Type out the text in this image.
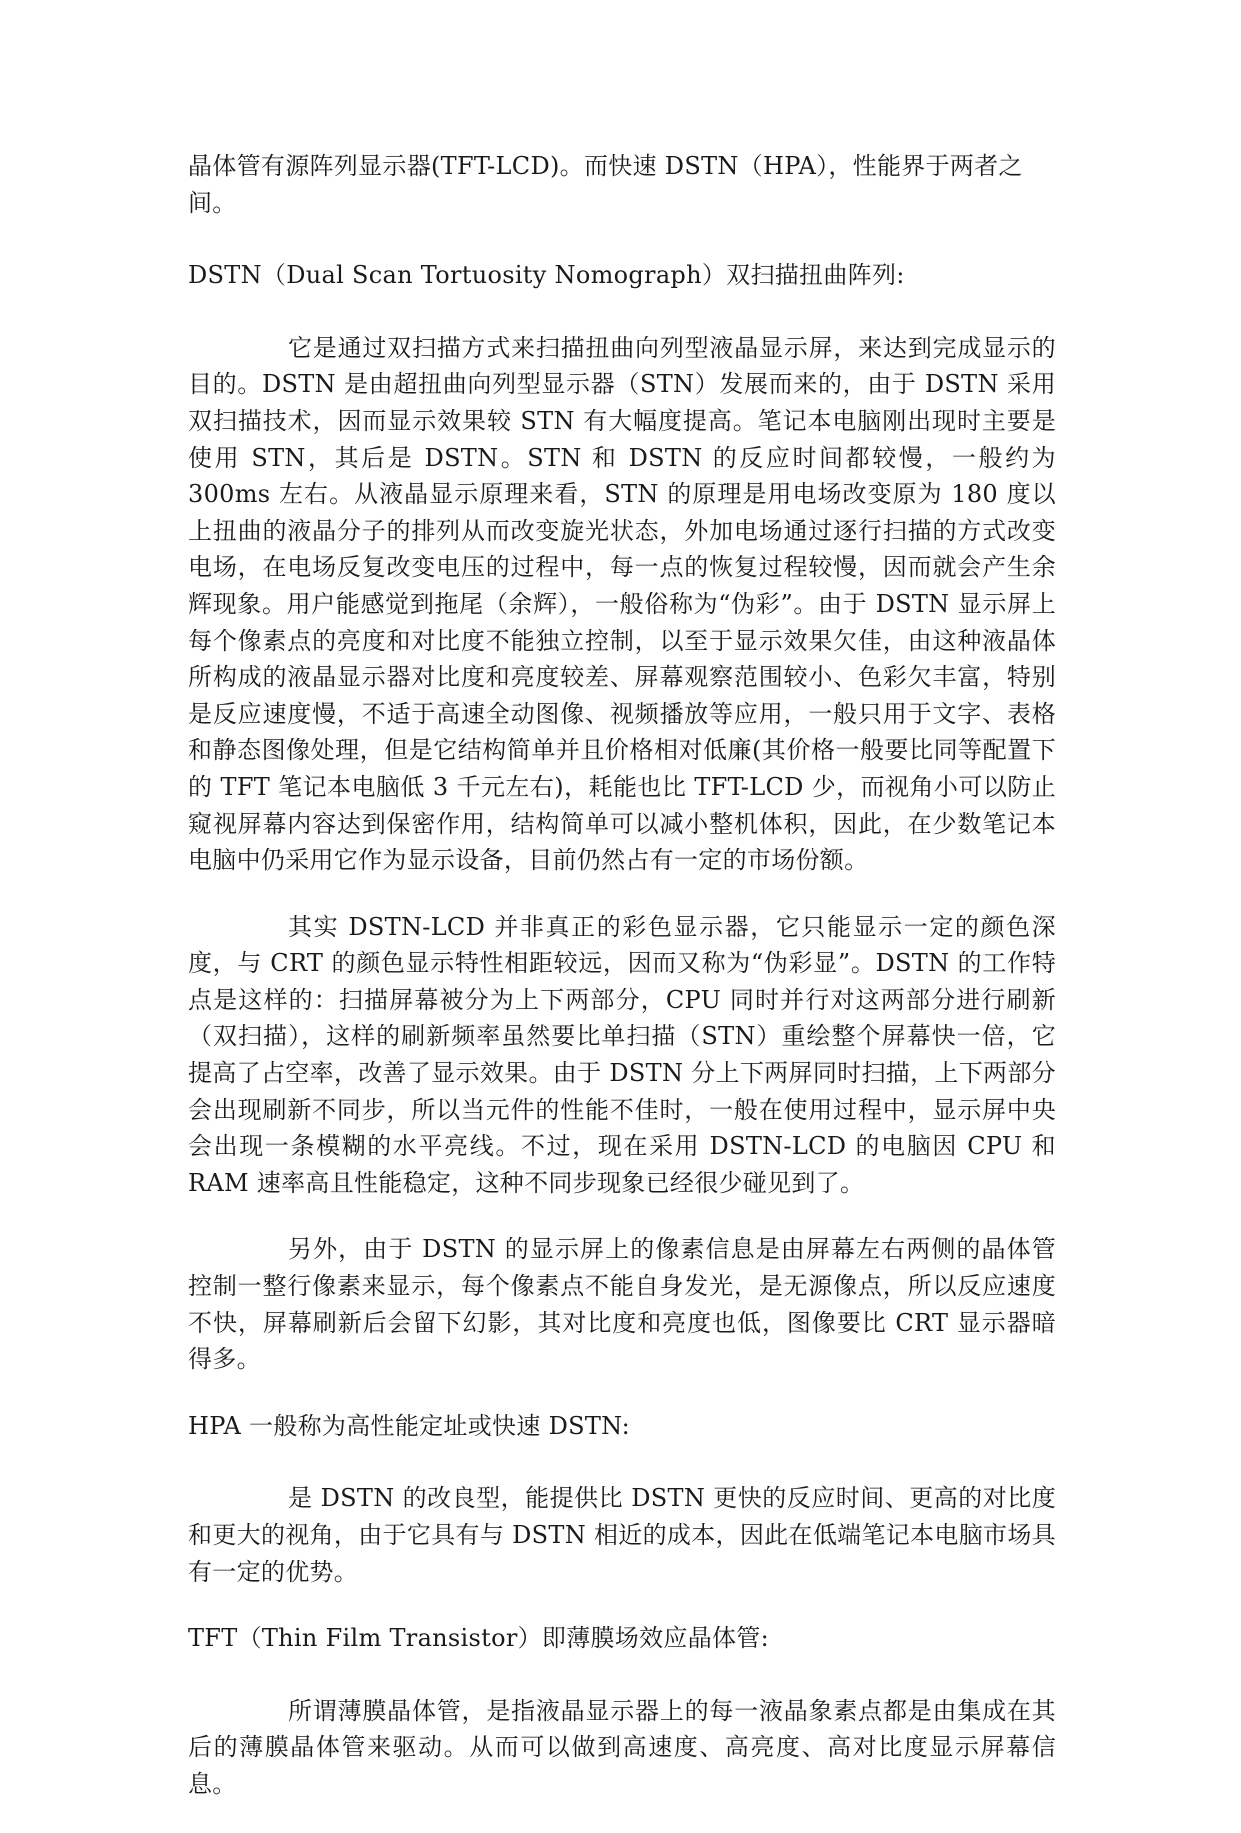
晶体管有源阵列显示器(TFT-LCD)。而快速 DSTN（HPA），性能界于两者之间。

DSTN（Dual Scan Tortuosity Nomograph）双扫描扭曲阵列:

它是通过双扫描方式来扫描扭曲向列型液晶显示屏，来达到完成显示的目的。DSTN 是由超扭曲向列型显示器（STN）发展而来的，由于 DSTN 采用双扫描技术，因而显示效果较 STN 有大幅度提高。笔记本电脑刚出现时主要是使用 STN，其后是 DSTN。STN 和 DSTN 的反应时间都较慢，一般约为 300ms 左右。从液晶显示原理来看，STN 的原理是用电场改变原为 180 度以上扭曲的液晶分子的排列从而改变旋光状态，外加电场通过逐行扫描的方式改变电场，在电场反复改变电压的过程中，每一点的恢复过程较慢，因而就会产生余辉现象。用户能感觉到拖尾（余辉），一般俗称为“伪彩”。由于 DSTN 显示屏上每个像素点的亮度和对比度不能独立控制，以至于显示效果欠佳，由这种液晶体所构成的液晶显示器对比度和亮度较差、屏幕观察范围较小、色彩欠丰富，特别是反应速度慢，不适于高速全动图像、视频播放等应用，一般只用于文字、表格和静态图像处理，但是它结构简单并且价格相对低廉(其价格一般要比同等配置下的 TFT 笔记本电脑低 3 千元左右)，耗能也比 TFT-LCD 少，而视角小可以防止窥视屏幕内容达到保密作用，结构简单可以减小整机体积，因此，在少数笔记本电脑中仍采用它作为显示设备，目前仍然占有一定的市场份额。

其实 DSTN-LCD 并非真正的彩色显示器，它只能显示一定的颜色深度，与 CRT 的颜色显示特性相距较远，因而又称为“伪彩显”。DSTN 的工作特点是这样的：扫描屏幕被分为上下两部分，CPU 同时并行对这两部分进行刷新（双扫描），这样的刷新频率虽然要比单扫描（STN）重绘整个屏幕快一倍，它提高了占空率，改善了显示效果。由于 DSTN 分上下两屏同时扫描，上下两部分会出现刷新不同步，所以当元件的性能不佳时，一般在使用过程中，显示屏中央会出现一条模糊的水平亮线。不过，现在采用 DSTN-LCD 的电脑因 CPU 和 RAM 速率高且性能稳定，这种不同步现象已经很少碰见到了。

另外，由于 DSTN 的显示屏上的像素信息是由屏幕左右两侧的晶体管控制一整行像素来显示，每个像素点不能自身发光，是无源像点，所以反应速度不快，屏幕刷新后会留下幻影，其对比度和亮度也低，图像要比 CRT 显示器暗得多。

HPA 一般称为高性能定址或快速 DSTN:

是 DSTN 的改良型，能提供比 DSTN 更快的反应时间、更高的对比度和更大的视角，由于它具有与 DSTN 相近的成本，因此在低端笔记本电脑市场具有一定的优势。

TFT（Thin Film Transistor）即薄膜场效应晶体管:

所谓薄膜晶体管，是指液晶显示器上的每一液晶象素点都是由集成在其后的薄膜晶体管来驱动。从而可以做到高速度、高亮度、高对比度显示屏幕信息。
